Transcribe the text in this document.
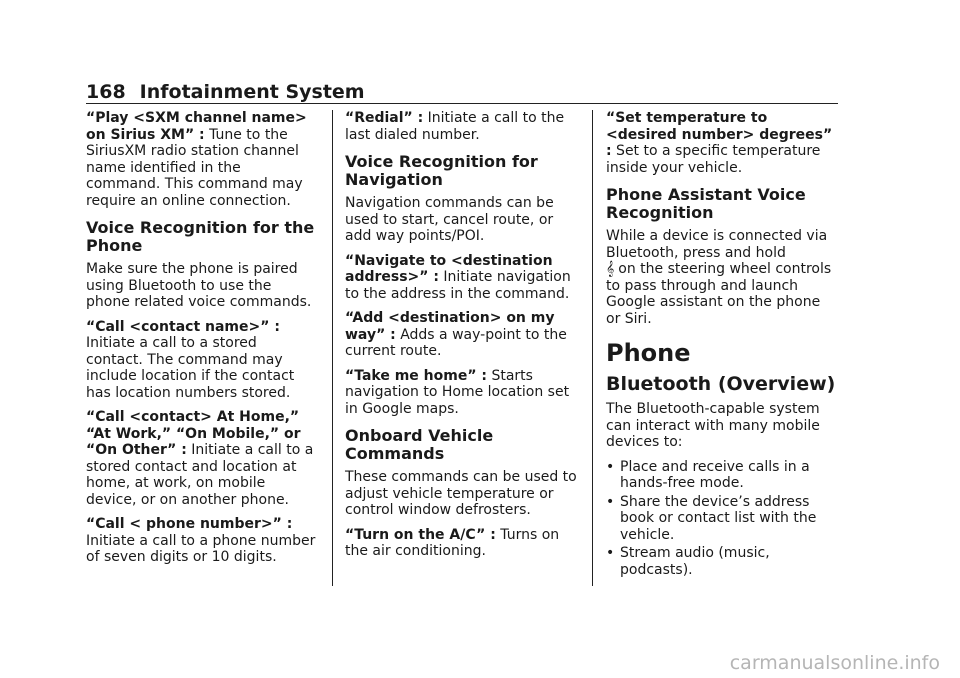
168 Infotainment System

“Play <SXM channel name> on Sirius XM” : Tune to the SiriusXM radio station channel name identified in the command. This command may require an online connection.

Voice Recognition for the Phone

Make sure the phone is paired using Bluetooth to use the phone related voice commands.

“Call <contact name>” : Initiate a call to a stored contact. The command may include location if the contact has location numbers stored.

“Call <contact> At Home,” “At Work,” “On Mobile,” or “On Other” : Initiate a call to a stored contact and location at home, at work, on mobile device, or on another phone.

“Call < phone number>” : Initiate a call to a phone number of seven digits or 10 digits.

“Redial” : Initiate a call to the last dialed number.

Voice Recognition for Navigation

Navigation commands can be used to start, cancel route, or add way points/POI.

“Navigate to <destination address>” : Initiate navigation to the address in the command.

“Add <destination> on my way” : Adds a way-point to the current route.

“Take me home” : Starts navigation to Home location set in Google maps.

Onboard Vehicle Commands

These commands can be used to adjust vehicle temperature or control window defrosters.

“Turn on the A/C” : Turns on the air conditioning.

“Set temperature to <desired number> degrees” : Set to a specific temperature inside your vehicle.

Phone Assistant Voice Recognition

While a device is connected via Bluetooth, press and hold
𝄞 on the steering wheel controls to pass through and launch Google assistant on the phone or Siri.

Phone
Bluetooth (Overview)

The Bluetooth-capable system can interact with many mobile devices to:

• Place and receive calls in a hands-free mode.
• Share the device’s address book or contact list with the vehicle.
• Stream audio (music, podcasts).
carmanualsonline.info
